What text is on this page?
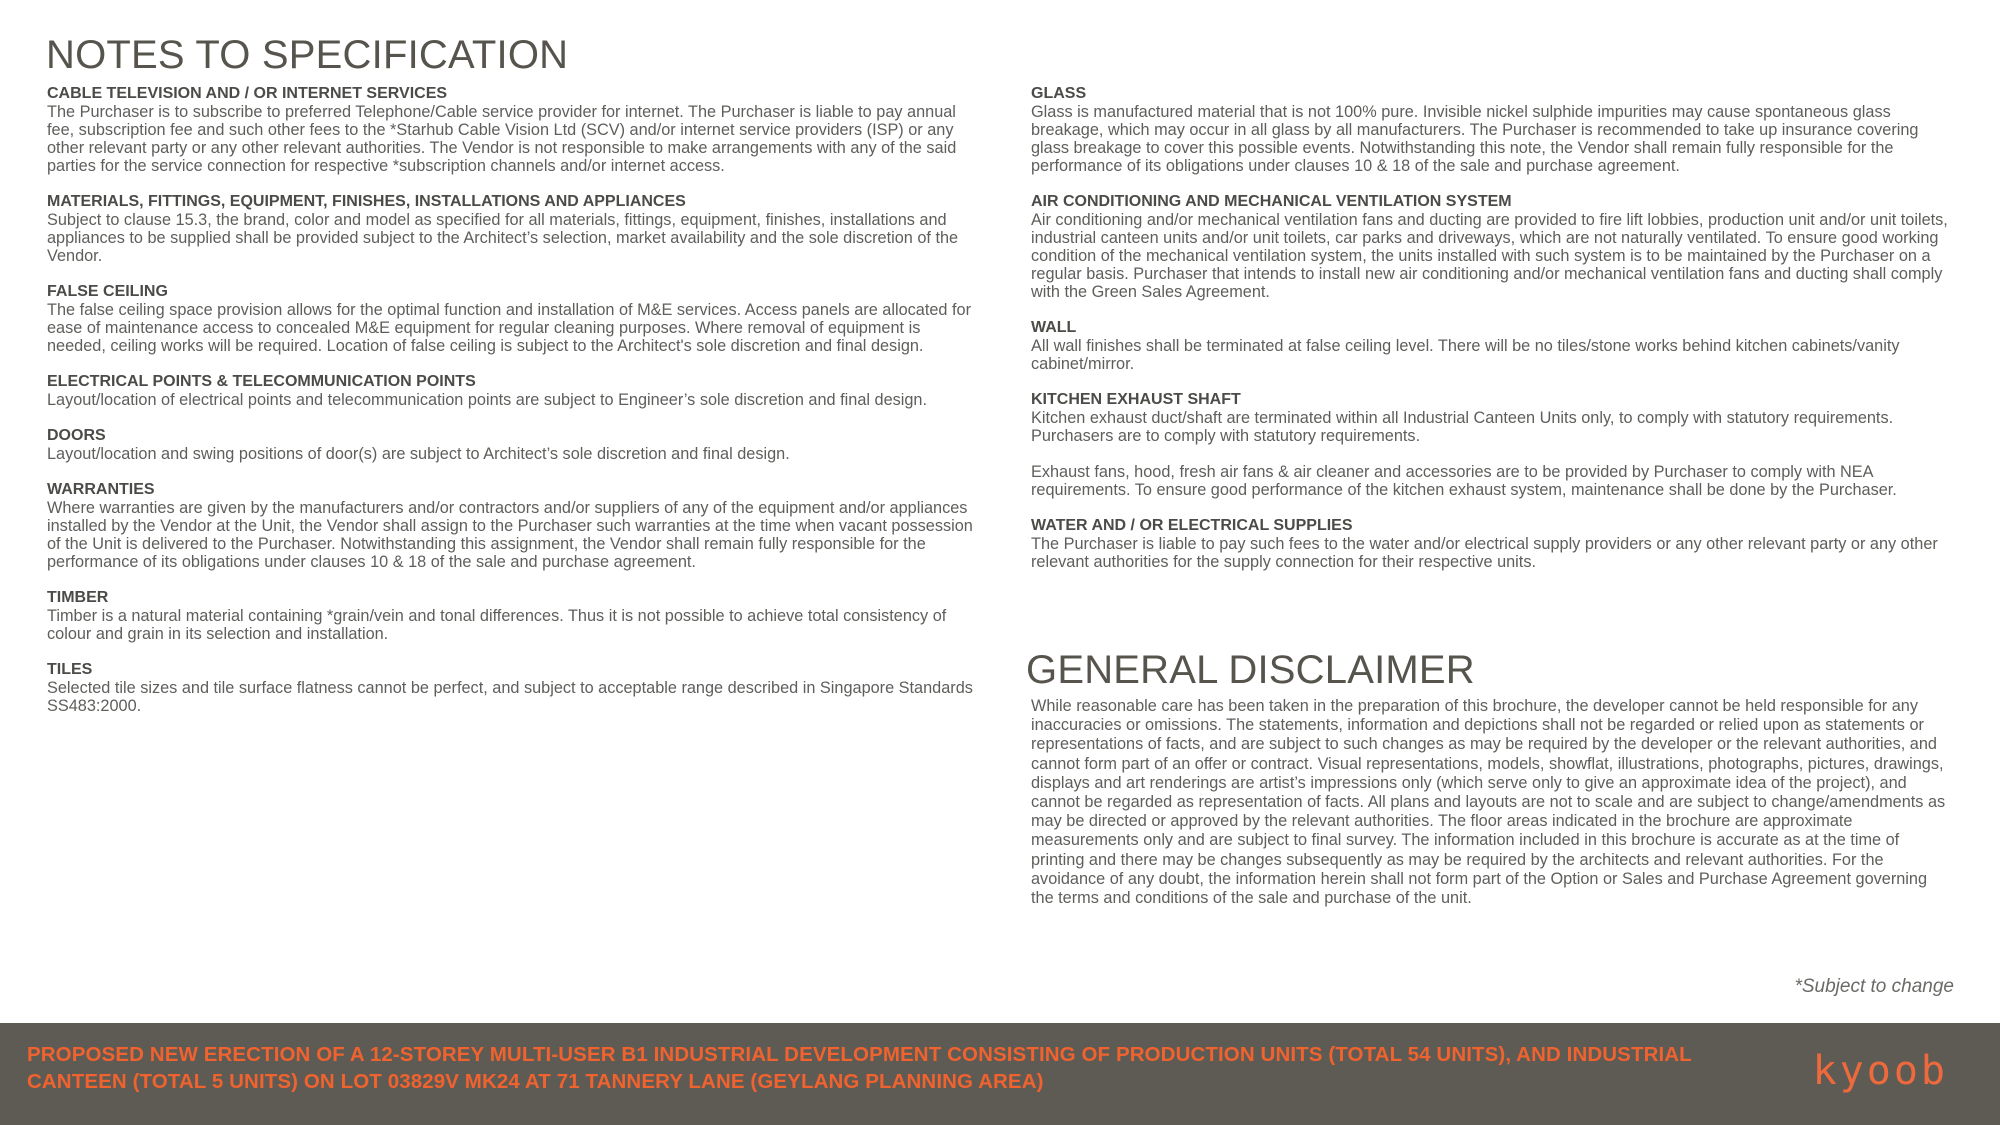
NOTES TO SPECIFICATION
CABLE TELEVISION AND / OR INTERNET SERVICES

The Purchaser is to subscribe to preferred Telephone/Cable service provider for internet. The Purchaser is liable to pay annual fee, subscription fee and such other fees to the *Starhub Cable Vision Ltd (SCV) and/or internet service providers (ISP) or any other relevant party or any other relevant authorities. The Vendor is not responsible to make arrangements with any of the said parties for the service connection for respective *subscription channels and/or internet access.

MATERIALS, FITTINGS, EQUIPMENT, FINISHES, INSTALLATIONS AND APPLIANCES

Subject to clause 15.3, the brand, color and model as specified for all materials, fittings, equipment, finishes, installations and appliances to be supplied shall be provided subject to the Architect’s selection, market availability and the sole discretion of the Vendor.

FALSE CEILING

The false ceiling space provision allows for the optimal function and installation of M&E services. Access panels are allocated for ease of maintenance access to concealed M&E equipment for regular cleaning purposes. Where removal of equipment is needed, ceiling works will be required. Location of false ceiling is subject to the Architect's sole discretion and final design.

ELECTRICAL POINTS & TELECOMMUNICATION POINTS

Layout/location of electrical points and telecommunication points are subject to Engineer’s sole discretion and final design.

DOORS

Layout/location and swing positions of door(s) are subject to Architect’s sole discretion and final design.

WARRANTIES

Where warranties are given by the manufacturers and/or contractors and/or suppliers of any of the equipment and/or appliances installed by the Vendor at the Unit, the Vendor shall assign to the Purchaser such warranties at the time when vacant possession of the Unit is delivered to the Purchaser. Notwithstanding this assignment, the Vendor shall remain fully responsible for the performance of its obligations under clauses 10 & 18 of the sale and purchase agreement.

TIMBER

Timber is a natural material containing *grain/vein and tonal differences. Thus it is not possible to achieve total consistency of colour and grain in its selection and installation.

TILES

Selected tile sizes and tile surface flatness cannot be perfect, and subject to acceptable range described in Singapore Standards SS483:2000.

GLASS

Glass is manufactured material that is not 100% pure. Invisible nickel sulphide impurities may cause spontaneous glass breakage, which may occur in all glass by all manufacturers. The Purchaser is recommended to take up insurance covering glass breakage to cover this possible events. Notwithstanding this note, the Vendor shall remain fully responsible for the performance of its obligations under clauses 10 & 18 of the sale and purchase agreement.

AIR CONDITIONING AND MECHANICAL VENTILATION SYSTEM

Air conditioning and/or mechanical ventilation fans and ducting are provided to fire lift lobbies, production unit and/or unit toilets, industrial canteen units and/or unit toilets, car parks and driveways, which are not naturally ventilated. To ensure good working condition of the mechanical ventilation system, the units installed with such system is to be maintained by the Purchaser on a regular basis. Purchaser that intends to install new air conditioning and/or mechanical ventilation fans and ducting shall comply with the Green Sales Agreement.

WALL

All wall finishes shall be terminated at false ceiling level. There will be no tiles/stone works behind kitchen cabinets/vanity cabinet/mirror.

KITCHEN EXHAUST SHAFT

Kitchen exhaust duct/shaft are terminated within all Industrial Canteen Units only, to comply with statutory requirements. Purchasers are to comply with statutory requirements.

Exhaust fans, hood, fresh air fans & air cleaner and accessories are to be provided by Purchaser to comply with NEA requirements. To ensure good performance of the kitchen exhaust system, maintenance shall be done by the Purchaser.

WATER AND / OR ELECTRICAL SUPPLIES

The Purchaser is liable to pay such fees to the water and/or electrical supply providers or any other relevant party or any other relevant authorities for the supply connection for their respective units.

GENERAL DISCLAIMER

While reasonable care has been taken in the preparation of this brochure, the developer cannot be held responsible for any inaccuracies or omissions. The statements, information and depictions shall not be regarded or relied upon as statements or representations of facts, and are subject to such changes as may be required by the developer or the relevant authorities, and cannot form part of an offer or contract. Visual representations, models, showflat, illustrations, photographs, pictures, drawings, displays and art renderings are artist’s impressions only (which serve only to give an approximate idea of the project), and cannot be regarded as representation of facts. All plans and layouts are not to scale and are subject to change/amendments as may be directed or approved by the relevant authorities. The floor areas indicated in the brochure are approximate measurements only and are subject to final survey. The information included in this brochure is accurate as at the time of printing and there may be changes subsequently as may be required by the architects and relevant authorities. For the avoidance of any doubt, the information herein shall not form part of the Option or Sales and Purchase Agreement governing the terms and conditions of the sale and purchase of the unit.

*Subject to change

PROPOSED NEW ERECTION OF A 12-STOREY MULTI-USER B1 INDUSTRIAL DEVELOPMENT CONSISTING OF PRODUCTION UNITS (TOTAL 54 UNITS), AND INDUSTRIAL CANTEEN (TOTAL 5 UNITS) ON LOT 03829V MK24 AT 71 TANNERY LANE (GEYLANG PLANNING AREA)	kyoob
